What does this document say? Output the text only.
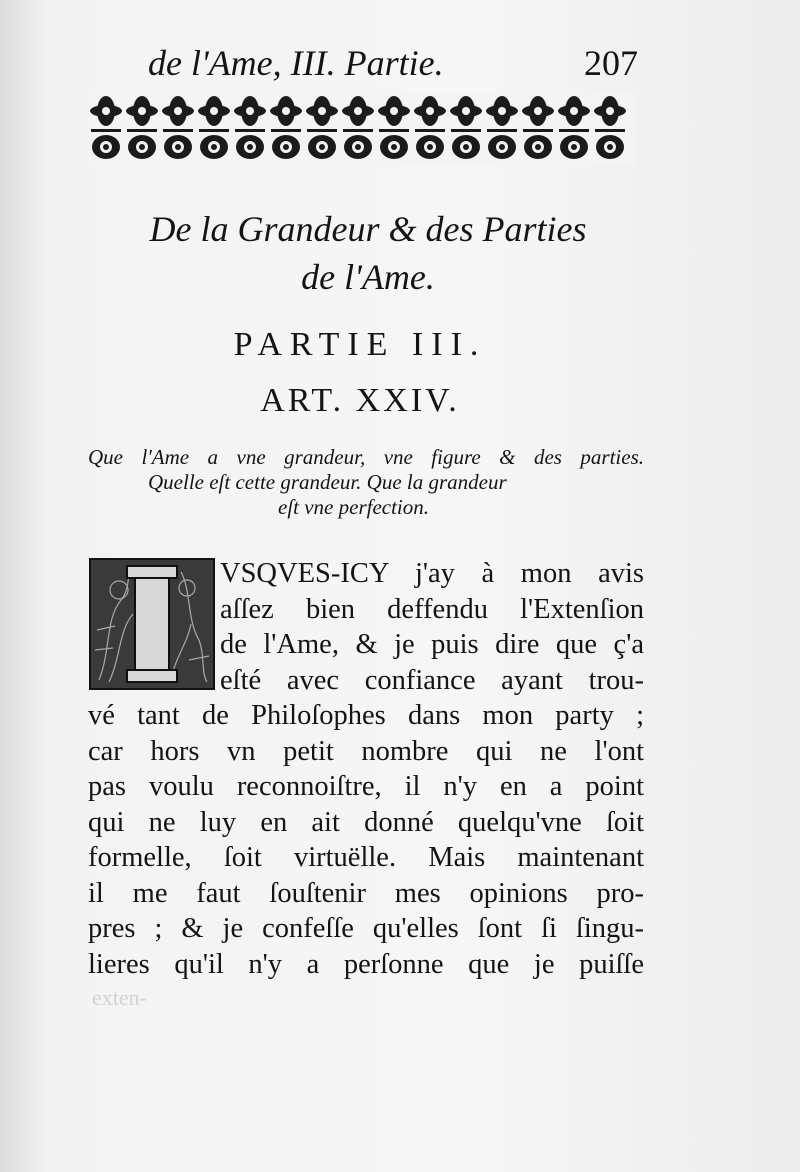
de l'Ame, III. Partie.	207
De la Grandeur & des Parties
de l'Ame.
PARTIE III.
ART. XXIV.
Que l'Ame a vne grandeur, vne figure & des parties.
Quelle eſt cette grandeur. Que la grandeur
eſt vne perfection.
VSQVES-ICY j'ay à mon avis
aſſez bien deffendu l'Extenſion
de l'Ame, & je puis dire que ç'a
eſté avec confiance ayant trou-
vé tant de Philoſophes dans mon party ;
car hors vn petit nombre qui ne l'ont
pas voulu reconnoiſtre, il n'y en a point
qui ne luy en ait donné quelqu'vne ſoit
formelle, ſoit virtuëlle. Mais maintenant
il me faut ſouſtenir mes opinions pro-
pres ; & je confeſſe qu'elles ſont ſi ſingu-
lieres qu'il n'y a perſonne que je puiſſe
exten-
